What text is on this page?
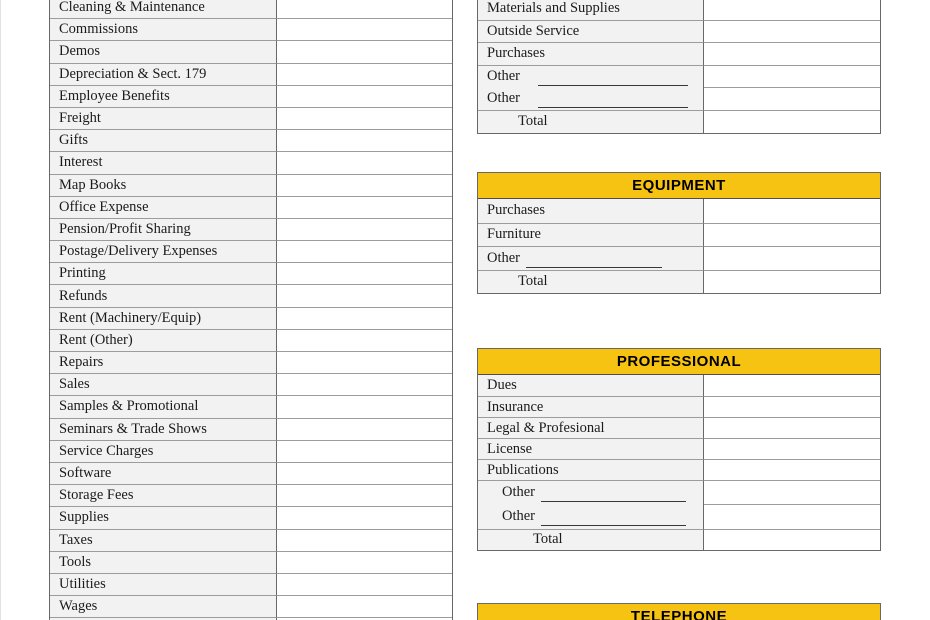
Cleaning & Maintenance
Commissions
Demos
Depreciation & Sect. 179
Employee Benefits
Freight
Gifts
Interest
Map Books
Office Expense
Pension/Profit Sharing
Postage/Delivery Expenses
Printing
Refunds
Rent (Machinery/Equip)
Rent (Other)
Repairs
Sales
Samples & Promotional
Seminars & Trade Shows
Service Charges
Software
Storage Fees
Supplies
Taxes
Tools
Utilities
Wages
Materials and Supplies
Outside Service
Purchases
Other
Other
Total
EQUIPMENT
Purchases
Furniture
Other
Total
PROFESSIONAL
Dues
Insurance
Legal & Profesional
License
Publications
Other
Other
Total
TELEPHONE
